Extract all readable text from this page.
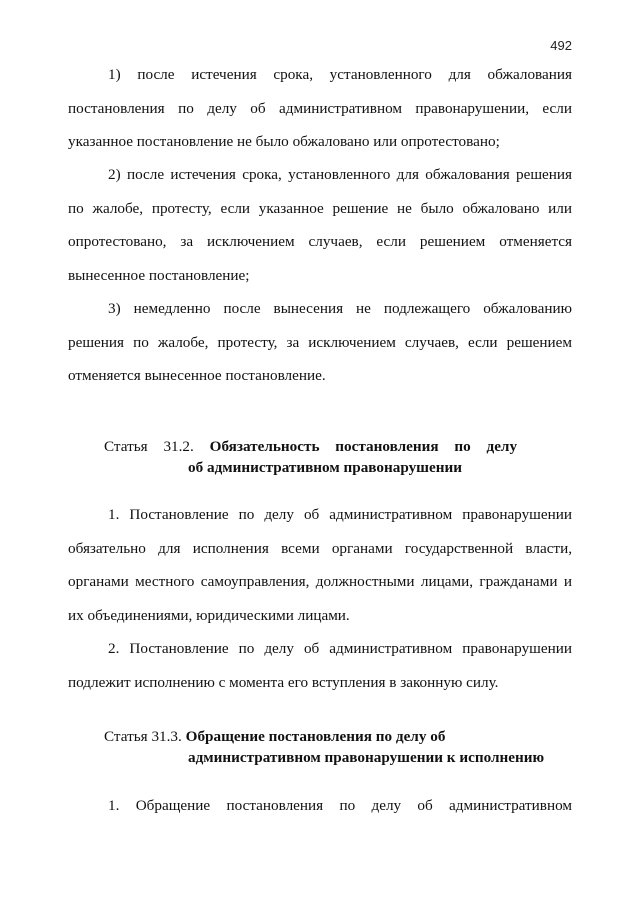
492

1) после истечения срока, установленного для обжалования постановления по делу об административном правонарушении, если указанное постановление не было обжаловано или опротестовано;

2) после истечения срока, установленного для обжалования решения по жалобе, протесту, если указанное решение не было обжаловано или опротестовано, за исключением случаев, если решением отменяется вынесенное постановление;

3) немедленно после вынесения не подлежащего обжалованию решения по жалобе, протесту, за исключением случаев, если решением отменяется вынесенное постановление.

Статья 31.2. Обязательность постановления по делу
об административном правонарушении

1. Постановление по делу об административном правонарушении обязательно для исполнения всеми органами государственной власти, органами местного самоуправления, должностными лицами, гражданами и их объединениями, юридическими лицами.

2. Постановление по делу об административном правонарушении подлежит исполнению с момента его вступления в законную силу.

Статья 31.3. Обращение постановления по делу об
административном правонарушении к исполнению

1. Обращение постановления по делу об административном
